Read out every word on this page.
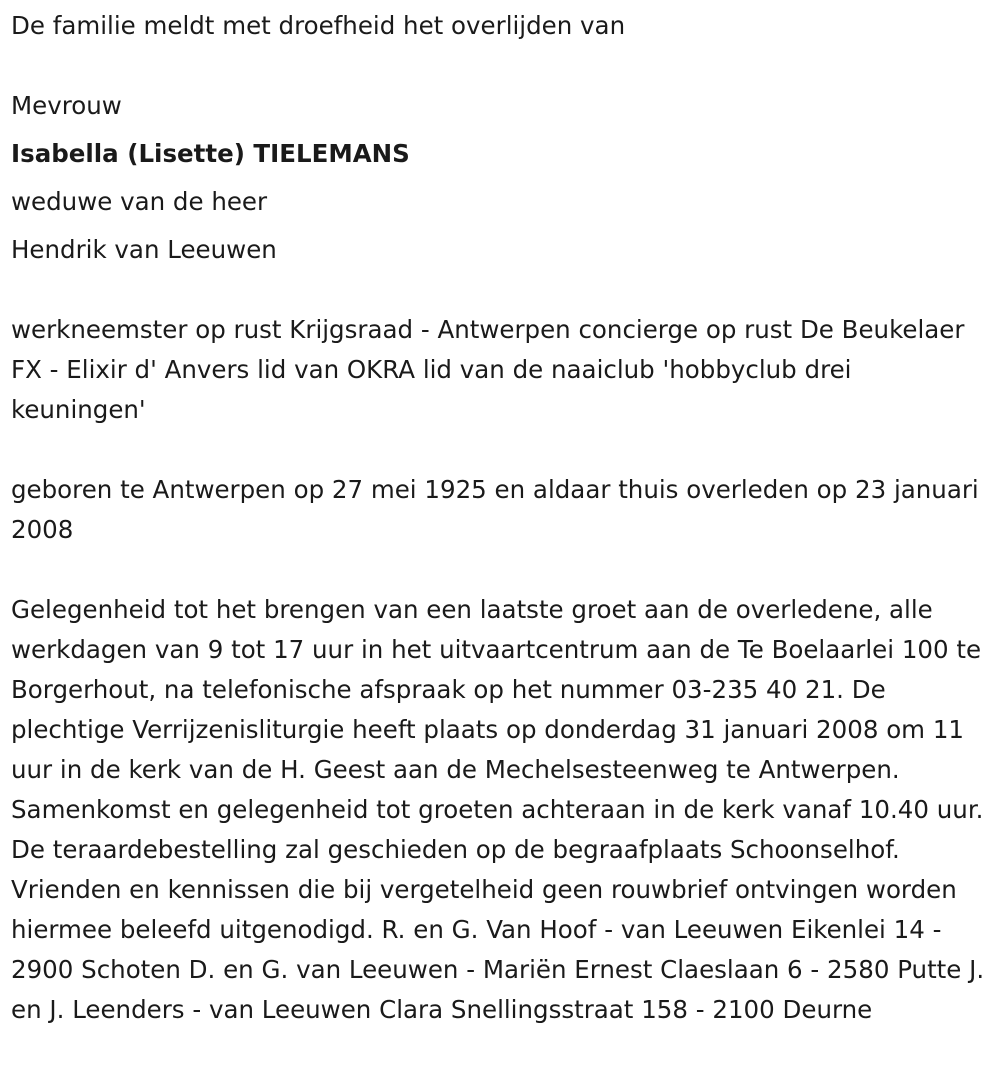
De familie meldt met droefheid het overlijden van

Mevrouw

Isabella (Lisette) TIELEMANS

weduwe van de heer

Hendrik van Leeuwen

werkneemster op rust Krijgsraad - Antwerpen concierge op rust De Beukelaer FX - Elixir d' Anvers lid van OKRA lid van de naaiclub 'hobbyclub drei keuningen'

geboren te Antwerpen op 27 mei 1925 en aldaar thuis overleden op 23 januari 2008

Gelegenheid tot het brengen van een laatste groet aan de overledene, alle werkdagen van 9 tot 17 uur in het uitvaartcentrum aan de Te Boelaarlei 100 te Borgerhout, na telefonische afspraak op het nummer 03-235 40 21. De plechtige Verrijzenisliturgie heeft plaats op donderdag 31 januari 2008 om 11 uur in de kerk van de H. Geest aan de Mechelsesteenweg te Antwerpen. Samenkomst en gelegenheid tot groeten achteraan in de kerk vanaf 10.40 uur. De teraardebestelling zal geschieden op de begraafplaats Schoonselhof. Vrienden en kennissen die bij vergetelheid geen rouwbrief ontvingen worden hiermee beleefd uitgenodigd. R. en G. Van Hoof - van Leeuwen Eikenlei 14 - 2900 Schoten D. en G. van Leeuwen - Mariën Ernest Claeslaan 6 - 2580 Putte J. en J. Leenders - van Leeuwen Clara Snellingsstraat 158 - 2100 Deurne
